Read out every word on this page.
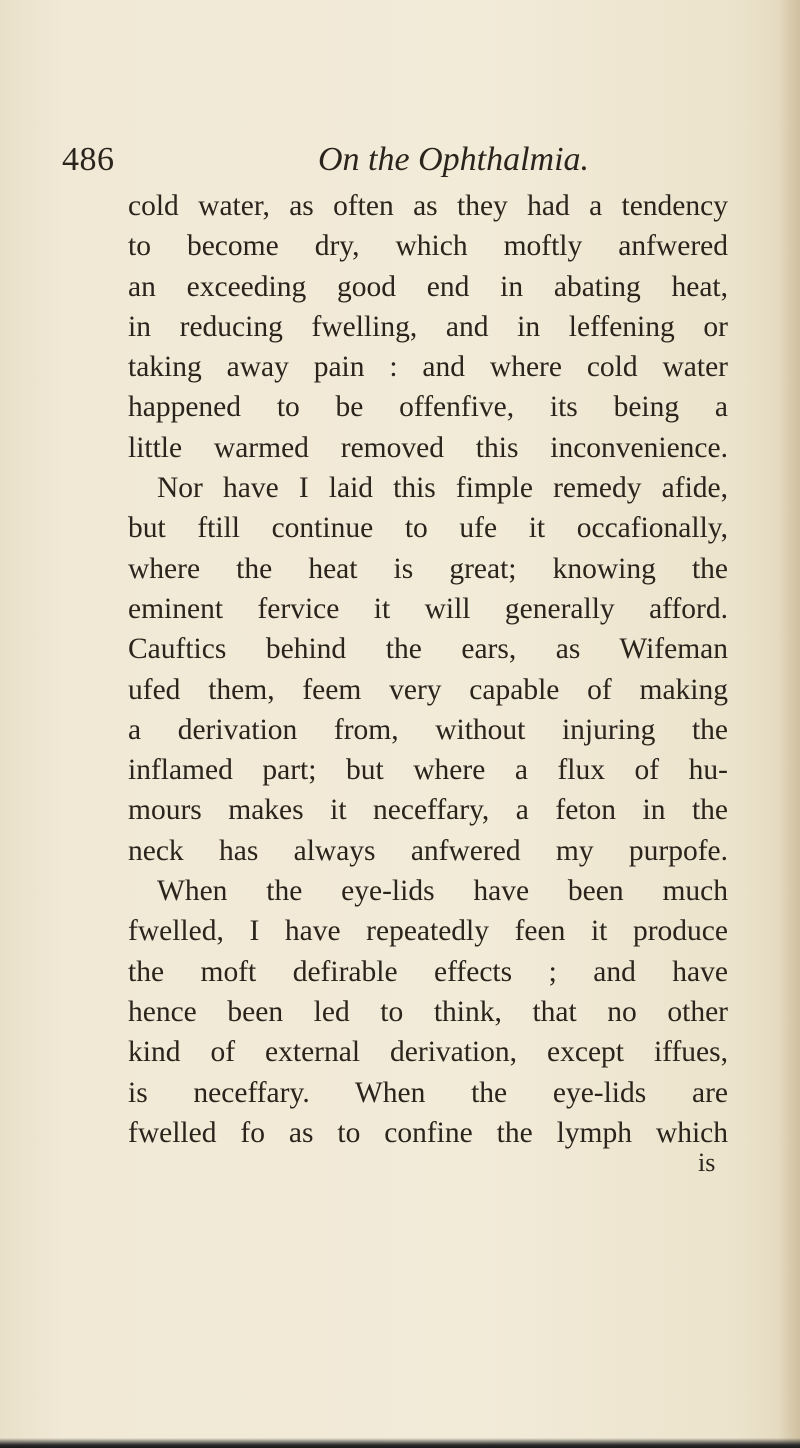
486	On the Ophthalmia.
cold water, as often as they had a tendency
to become dry, which moftly anfwered
an exceeding good end in abating heat,
in reducing fwelling, and in leffening or
taking away pain : and where cold water
happened to be offenfive, its being a
little warmed removed this inconvenience.
Nor have I laid this fimple remedy afide,
but ftill continue to ufe it occafionally,
where the heat is great; knowing the
eminent fervice it will generally afford.
Cauftics behind the ears, as Wifeman
ufed them, feem very capable of making
a derivation from, without injuring the
inflamed part; but where a flux of hu-
mours makes it neceffary, a feton in the
neck has always anfwered my purpofe.
When the eye-lids have been much
fwelled, I have repeatedly feen it produce
the moft defirable effects ; and have
hence been led to think, that no other
kind of external derivation, except iffues,
is neceffary. When the eye-lids are
fwelled fo as to confine the lymph which
is
